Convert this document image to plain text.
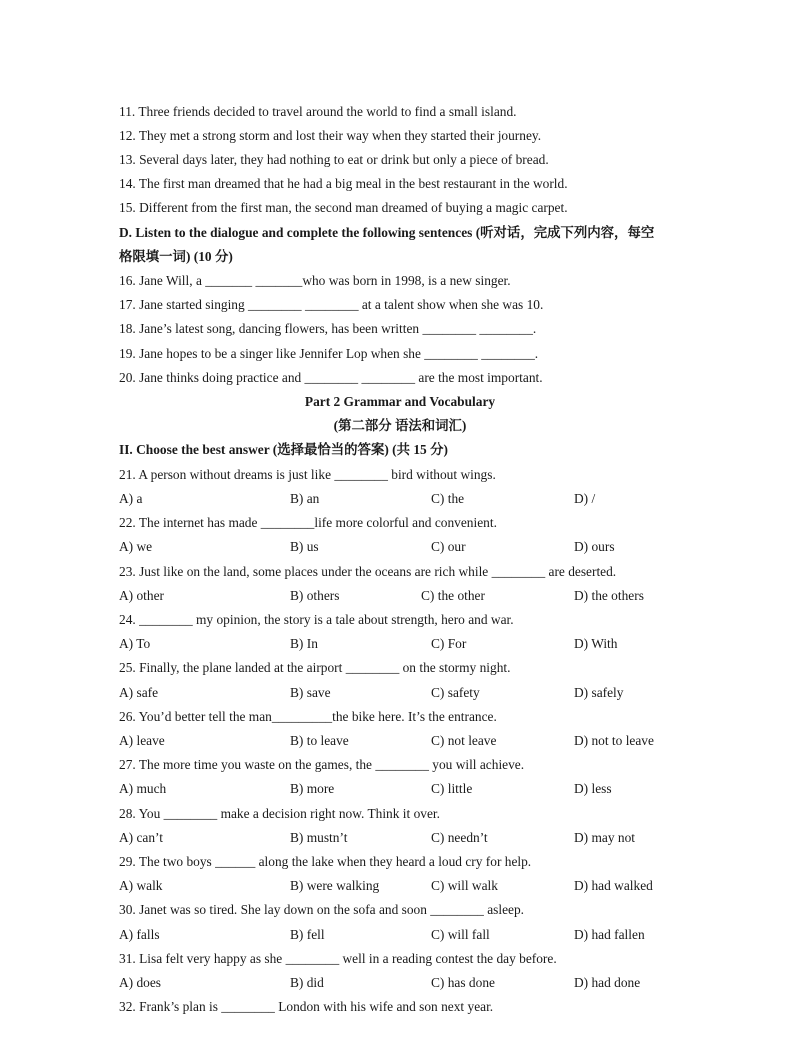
11. Three friends decided to travel around the world to find a small island.
12. They met a strong storm and lost their way when they started their journey.
13. Several days later, they had nothing to eat or drink but only a piece of bread.
14. The first man dreamed that he had a big meal in the best restaurant in the world.
15. Different from the first man, the second man dreamed of buying a magic carpet.
D. Listen to the dialogue and complete the following sentences (听对话，完成下列内容，每空
格限填一词) (10 分)
16. Jane Will, a _______ _______who was born in 1998, is a new singer.
17. Jane started singing ________ ________ at a talent show when she was 10.
18. Jane’s latest song, dancing flowers, has been written ________ ________.
19. Jane hopes to be a singer like Jennifer Lop when she ________ ________.
20. Jane thinks doing practice and ________ ________ are the most important.
Part 2 Grammar and Vocabulary
(第二部分 语法和词汇)
II. Choose the best answer (选择最恰当的答案) (共 15 分)
21. A person without dreams is just like ________ bird without wings.
A) a	B) an	C) the	D) /
22. The internet has made ________life more colorful and convenient.
A) we	B) us	C) our	D) ours
23. Just like on the land, some places under the oceans are rich while ________ are deserted.
A) other	B) others	C) the other	D) the others
24. ________ my opinion, the story is a tale about strength, hero and war.
A) To	B) In	C) For	D) With
25. Finally, the plane landed at the airport ________ on the stormy night.
A) safe	B) save	C) safety	D) safely
26. You’d better tell the man_________the bike here. It’s the entrance.
A) leave	B) to leave	C) not leave	D) not to leave
27. The more time you waste on the games, the ________ you will achieve.
A) much	B) more	C) little	D) less
28. You ________ make a decision right now. Think it over.
A) can’t	B) mustn’t	C) needn’t	D) may not
29. The two boys ______ along the lake when they heard a loud cry for help.
A) walk	B) were walking	C) will walk	D) had walked
30. Janet was so tired. She lay down on the sofa and soon ________ asleep.
A) falls	B) fell	C) will fall	D) had fallen
31. Lisa felt very happy as she ________ well in a reading contest the day before.
A) does	B) did	C) has done	D) had done
32. Frank’s plan is ________ London with his wife and son next year.
